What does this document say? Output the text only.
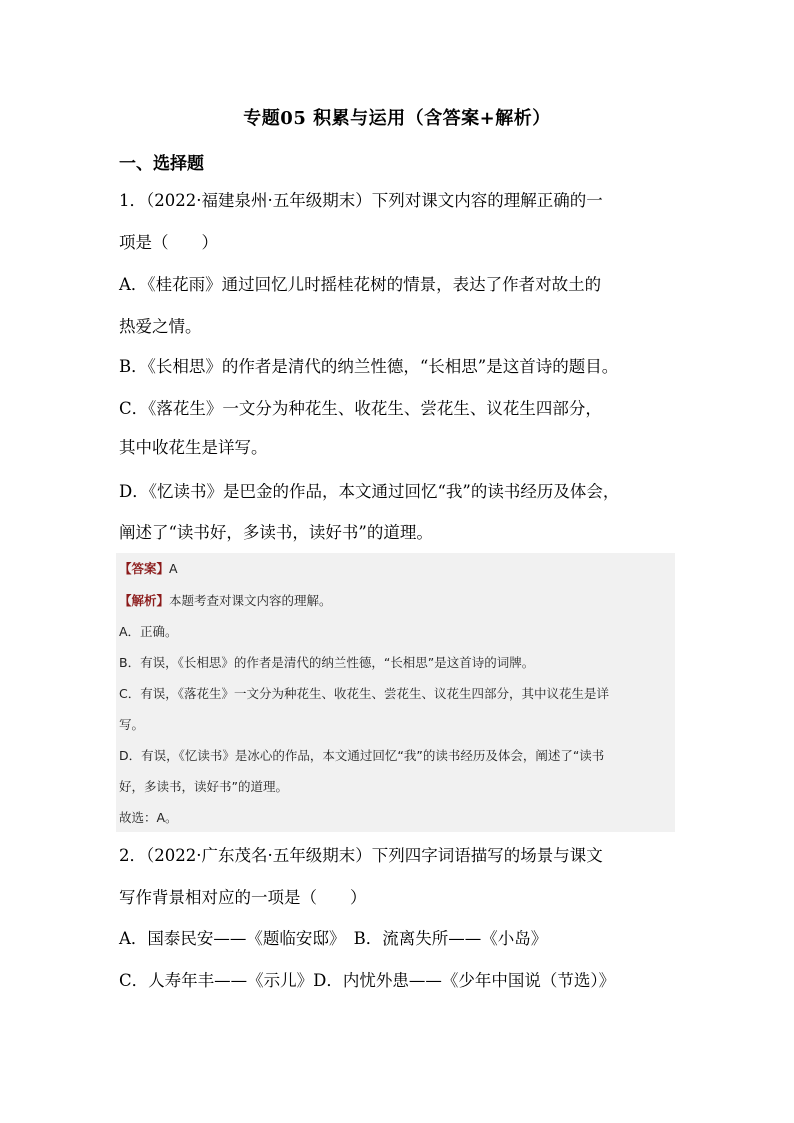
专题05 积累与运用（含答案+解析）
一、选择题
1．（2022·福建泉州·五年级期末）下列对课文内容的理解正确的一
项是（　　）
A．《桂花雨》通过回忆儿时摇桂花树的情景，表达了作者对故土的
热爱之情。
B．《长相思》的作者是清代的纳兰性德，“长相思”是这首诗的题目。
C．《落花生》一文分为种花生、收花生、尝花生、议花生四部分，
其中收花生是详写。
D．《忆读书》是巴金的作品，本文通过回忆“我”的读书经历及体会，
阐述了“读书好，多读书，读好书”的道理。
【答案】A
【解析】本题考查对课文内容的理解。
A．正确。
B．有误，《长相思》的作者是清代的纳兰性德，“长相思”是这首诗的词牌。
C．有误，《落花生》一文分为种花生、收花生、尝花生、议花生四部分，其中议花生是详
写。
D．有误，《忆读书》是冰心的作品，本文通过回忆“我”的读书经历及体会，阐述了“读书
好，多读书，读好书”的道理。
故选：A。
2．（2022·广东茂名·五年级期末）下列四字词语描写的场景与课文
写作背景相对应的一项是（　　）
A．国泰民安——《题临安邸》　B．流离失所——《小岛》
C．人寿年丰——《示儿》D．内忧外患——《少年中国说（节选）》
